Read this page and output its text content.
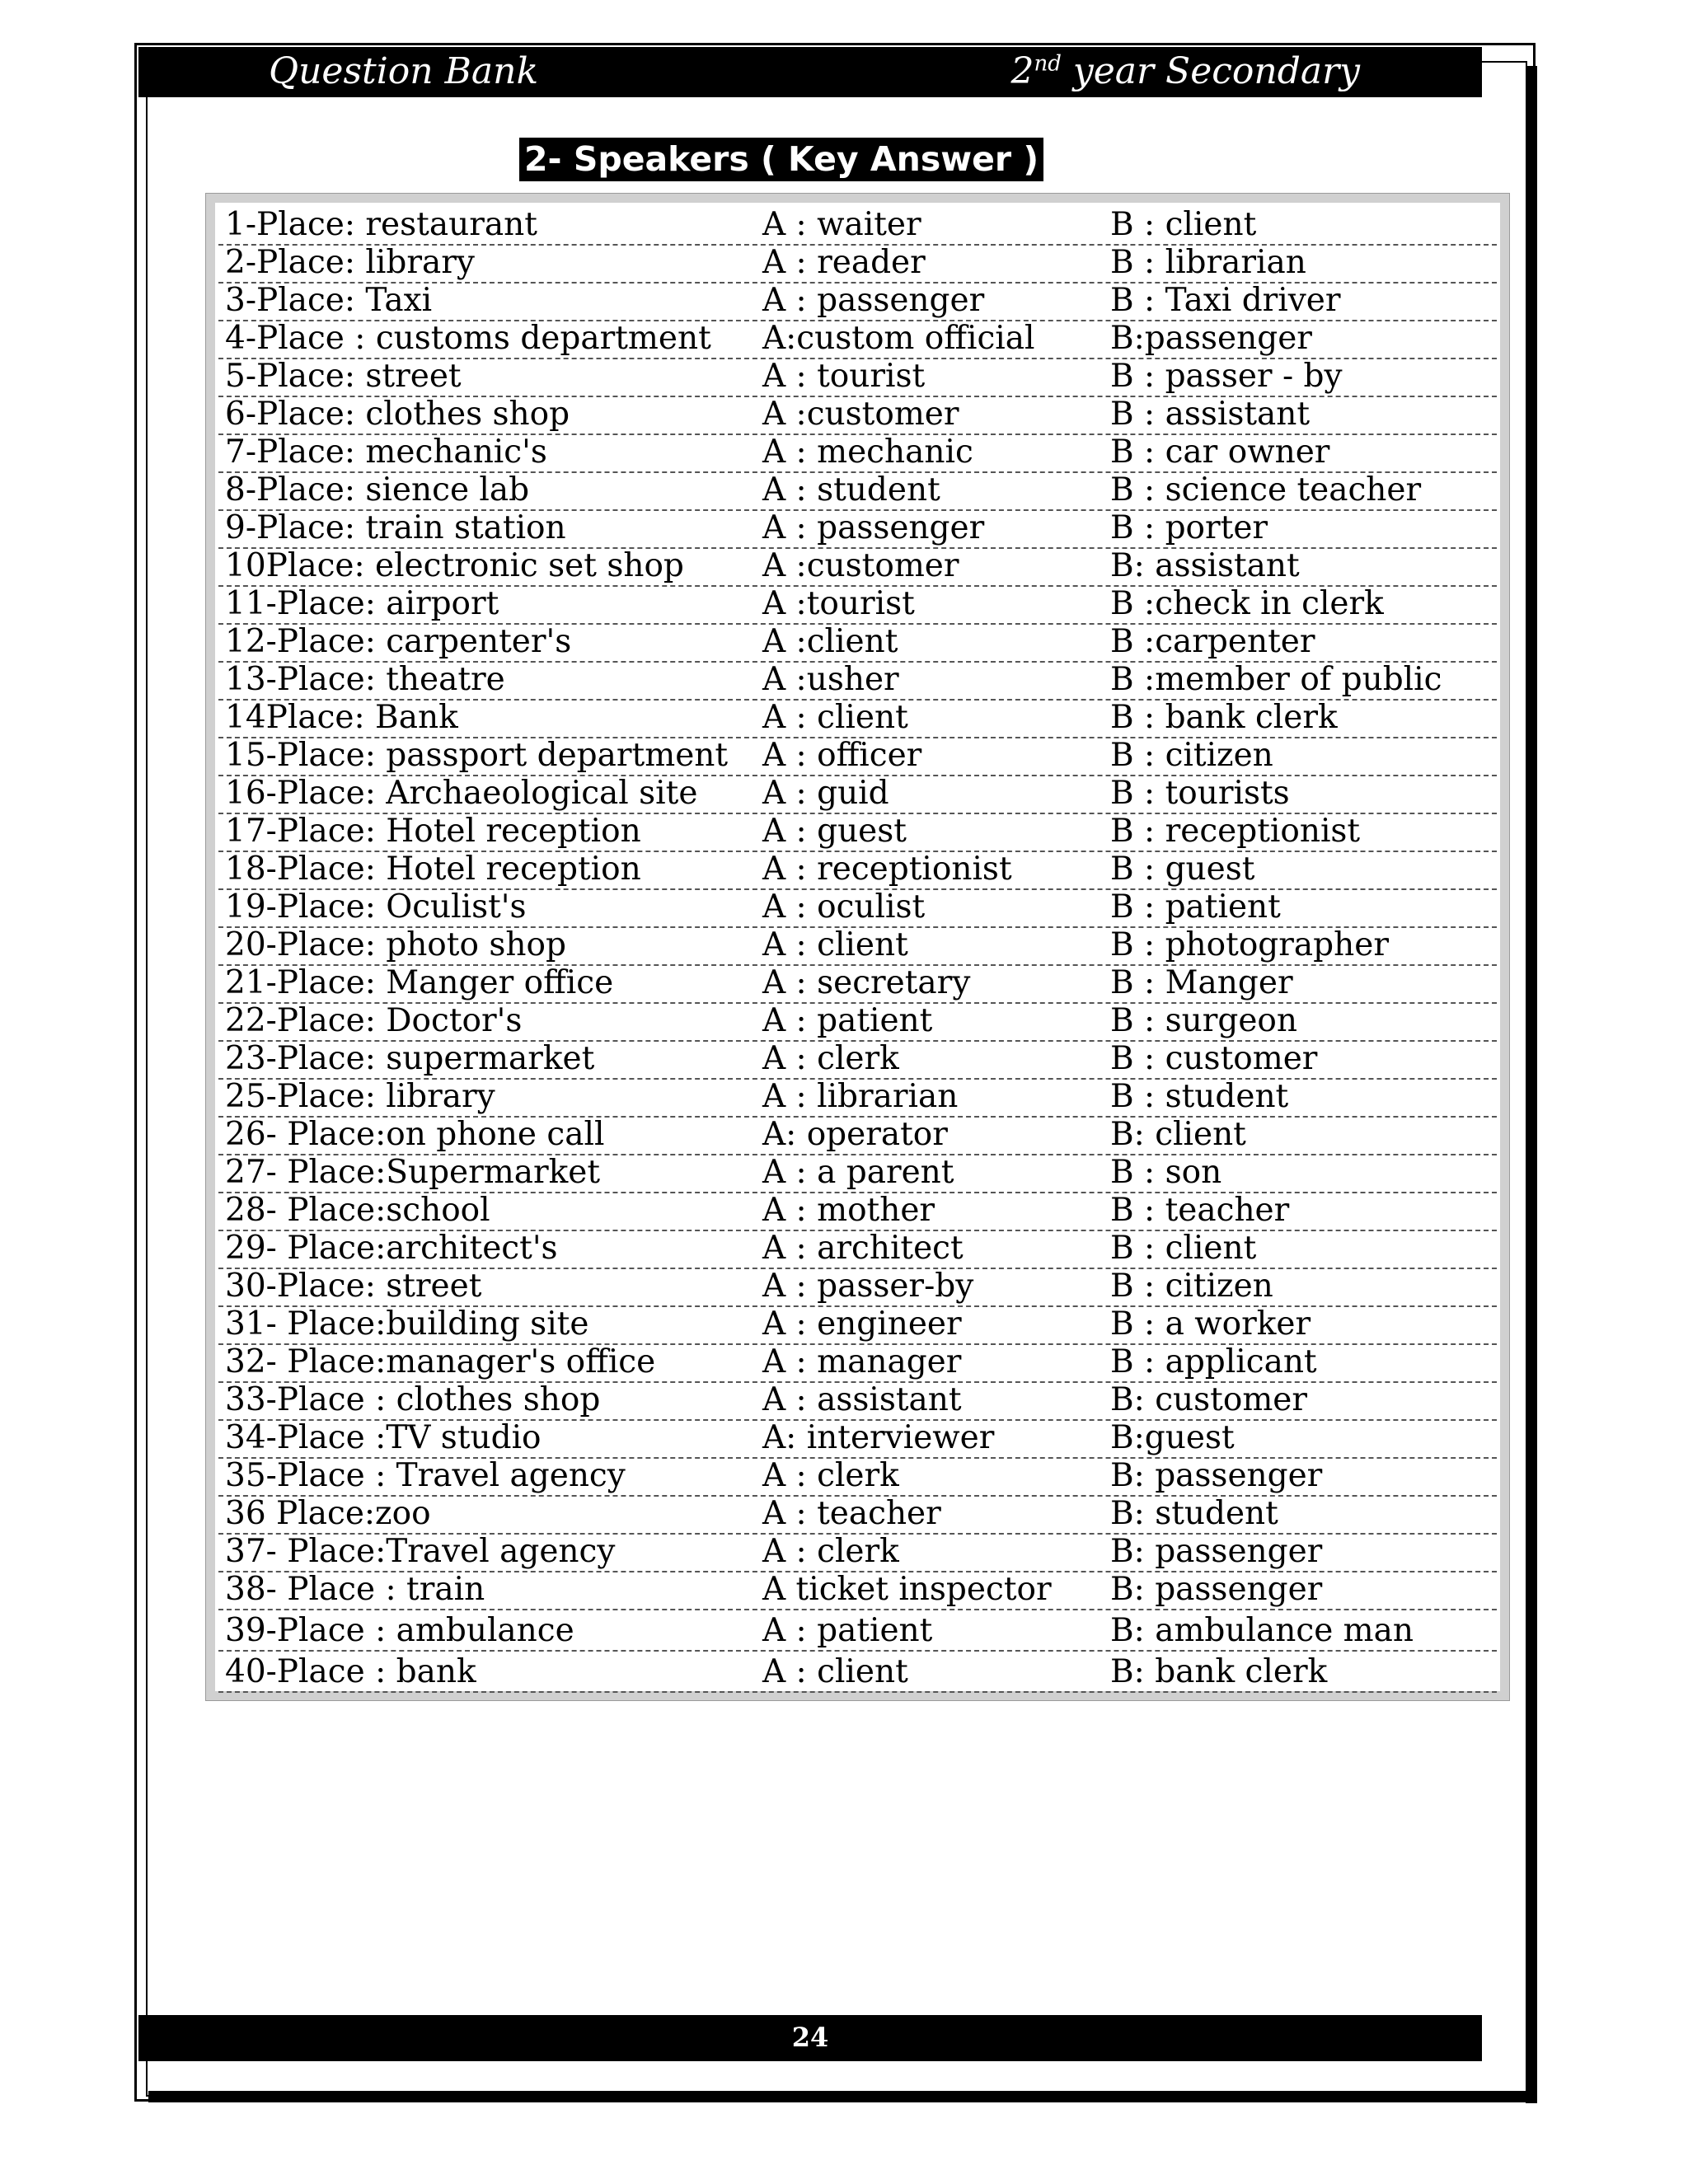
Question Bank	2nd year Secondary
2- Speakers ( Key Answer )
1-Place: restaurant	A : waiter	B : client
2-Place: library	A : reader	B : librarian
3-Place: Taxi	A : passenger	B : Taxi driver
4-Place : customs department A:custom official B:passenger
5-Place: street	A : tourist	B : passer - by
6-Place: clothes shop	A :customer	B : assistant
7-Place: mechanic's	A : mechanic	B : car owner
8-Place: sience lab	A : student	B : science teacher
9-Place: train station	A : passenger	B : porter
10Place: electronic set shop A :customer	B: assistant
11-Place: airport	A :tourist	B :check in clerk
12-Place: carpenter's	A :client	B :carpenter
13-Place: theatre	A :usher	B :member of public
14Place: Bank	A : client	B : bank clerk
15-Place: passport department A : officer	B : citizen
16-Place: Archaeological site A : guid	B : tourists
17-Place: Hotel reception	A : guest	B : receptionist
18-Place: Hotel reception	A : receptionist	B : guest
19-Place: Oculist's	A : oculist	B : patient
20-Place: photo shop	A : client	B : photographer
21-Place: Manger office	A : secretary	B : Manger
22-Place: Doctor's	A : patient	B : surgeon
23-Place: supermarket	A : clerk	B : customer
25-Place: library	A : librarian	B : student
26- Place:on phone call	A: operator	B: client
27- Place:Supermarket	A : a parent	B : son
28- Place:school	A : mother	B : teacher
29- Place:architect's	A : architect	B : client
30-Place: street	A : passer-by	B : citizen
31- Place:building site	A : engineer	B : a worker
32- Place:manager's office	A : manager	B : applicant
33-Place : clothes shop	A : assistant	B: customer
34-Place :TV studio	A: interviewer	B:guest
35-Place : Travel agency	A : clerk	B: passenger
36 Place:zoo	A : teacher	B: student
37- Place:Travel agency	A : clerk	B: passenger
38- Place : train	A ticket inspector B: passenger
39-Place : ambulance	A : patient	B: ambulance man
40-Place : bank	A : client	B: bank clerk
24
